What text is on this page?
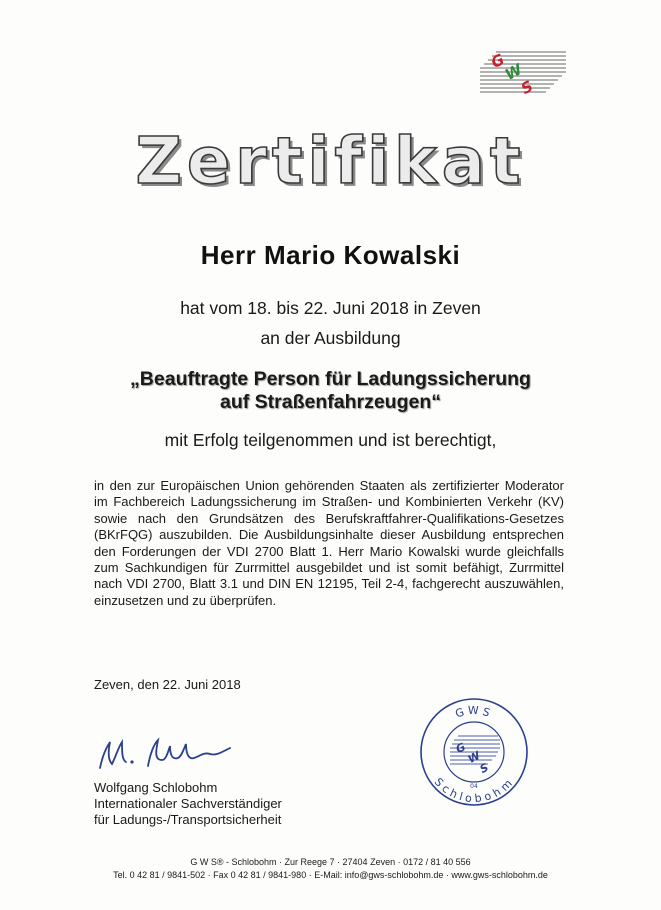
G
W
S
Zertifikat
Herr Mario Kowalski
hat vom 18. bis 22. Juni 2018 in Zeven
an der Ausbildung
„Beauftragte Person für Ladungssicherung
auf Straßenfahrzeugen“
mit Erfolg teilgenommen und ist berechtigt,
in den zur Europäischen Union gehörenden Staaten als zertifizierter Moderator im Fachbereich Ladungssicherung im Straßen- und Kombinierten Verkehr (KV) sowie nach den Grundsätzen des Berufskraftfahrer-Qualifikations-Gesetzes (BKrFQG) auszubilden. Die Ausbildungsinhalte dieser Ausbildung entsprechen den Forderungen der VDI 2700 Blatt 1. Herr Mario Kowalski wurde gleichfalls zum Sachkundigen für Zurrmittel ausgebildet und ist somit befähigt, Zurrmittel nach VDI 2700, Blatt 3.1 und DIN EN 12195, Teil 2-4, fachgerecht auszuwählen, einzusetzen und zu überprüfen.
Zeven, den 22. Juni 2018
Wolfgang Schlobohm
Internationaler Sachverständiger
für Ladungs-/Transportsicherheit
G
W
S
GWS
Schlobohm
04
G W S® - Schlobohm · Zur Reege 7 · 27404 Zeven · 0172 / 81 40 556
Tel. 0 42 81 / 9841-502 · Fax 0 42 81 / 9841-980 · E-Mail: info@gws-schlobohm.de · www.gws-schlobohm.de
